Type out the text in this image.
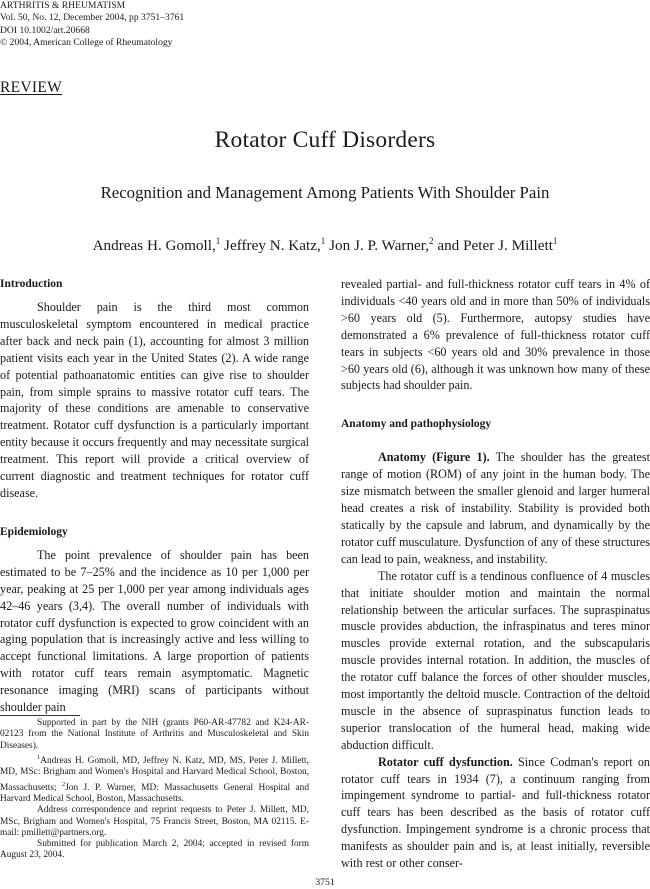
ARTHRITIS & RHEUMATISM
Vol. 50, No. 12, December 2004, pp 3751–3761
DOI 10.1002/art.20668
© 2004, American College of Rheumatology
REVIEW
Rotator Cuff Disorders
Recognition and Management Among Patients With Shoulder Pain
Andreas H. Gomoll,$^1$ Jeffrey N. Katz,$^1$ Jon J. P. Warner,$^2$ and Peter J. Millett$^1$
Introduction

Shoulder pain is the third most common musculoskeletal symptom encountered in medical practice after back and neck pain (1), accounting for almost 3 million patient visits each year in the United States (2). A wide range of potential pathoanatomic entities can give rise to shoulder pain, from simple sprains to massive rotator cuff tears. The majority of these conditions are amenable to conservative treatment. Rotator cuff dysfunction is a particularly important entity because it occurs frequently and may necessitate surgical treatment. This report will provide a critical overview of current diagnostic and treatment techniques for rotator cuff disease.

Epidemiology

The point prevalence of shoulder pain has been estimated to be 7–25% and the incidence as 10 per 1,000 per year, peaking at 25 per 1,000 per year among individuals ages 42–46 years (3,4). The overall number of individuals with rotator cuff dysfunction is expected to grow coincident with an aging population that is increasingly active and less willing to accept functional limitations. A large proportion of patients with rotator cuff tears remain asymptomatic. Magnetic resonance imaging (MRI) scans of participants without shoulder pain

Supported in part by the NIH (grants P60-AR-47782 and K24-AR-02123 from the National Institute of Arthritis and Musculoskeletal and Skin Diseases).

$^1$Andreas H. Gomoll, MD, Jeffrey N. Katz, MD, MS, Peter J. Millett, MD, MSc: Brigham and Women's Hospital and Harvard Medical School, Boston, Massachusetts; $^2$Jon J. P. Warner, MD: Massachusetts General Hospital and Harvard Medical School, Boston, Massachusetts.

Address correspondence and reprint requests to Peter J. Millett, MD, MSc, Brigham and Women's Hospital, 75 Francis Street, Boston, MA 02115. E-mail: pmillett@partners.org.

Submitted for publication March 2, 2004; accepted in revised form August 23, 2004.

revealed partial- and full-thickness rotator cuff tears in 4% of individuals <40 years old and in more than 50% of individuals >60 years old (5). Furthermore, autopsy studies have demonstrated a 6% prevalence of full-thickness rotator cuff tears in subjects <60 years old and 30% prevalence in those >60 years old (6), although it was unknown how many of these subjects had shoulder pain.

Anatomy and pathophysiology

Anatomy (Figure 1). The shoulder has the greatest range of motion (ROM) of any joint in the human body. The size mismatch between the smaller glenoid and larger humeral head creates a risk of instability. Stability is provided both statically by the capsule and labrum, and dynamically by the rotator cuff musculature. Dysfunction of any of these structures can lead to pain, weakness, and instability.

The rotator cuff is a tendinous confluence of 4 muscles that initiate shoulder motion and maintain the normal relationship between the articular surfaces. The supraspinatus muscle provides abduction, the infraspinatus and teres minor muscles provide external rotation, and the subscapularis muscle provides internal rotation. In addition, the muscles of the rotator cuff balance the forces of other shoulder muscles, most importantly the deltoid muscle. Contraction of the deltoid muscle in the absence of supraspinatus function leads to superior translocation of the humeral head, making wide abduction difficult.

Rotator cuff dysfunction. Since Codman's report on rotator cuff tears in 1934 (7), a continuum ranging from impingement syndrome to partial- and full-thickness rotator cuff tears has been described as the basis of rotator cuff dysfunction. Impingement syndrome is a chronic process that manifests as shoulder pain and is, at least initially, reversible with rest or other conser-

3751
